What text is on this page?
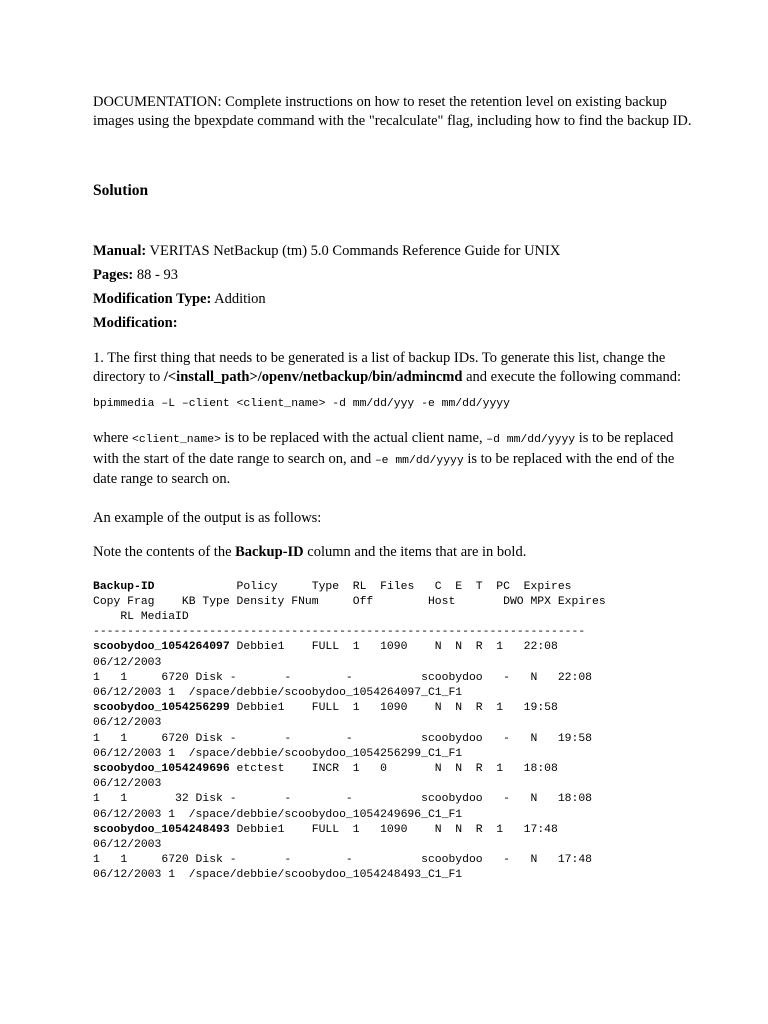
DOCUMENTATION: Complete instructions on how to reset the retention level on existing backup images using the bpexpdate command with the "recalculate" flag, including how to find the backup ID.

Solution

Manual: VERITAS NetBackup (tm) 5.0 Commands Reference Guide for UNIX

Pages: 88 - 93

Modification Type: Addition

Modification:

1. The first thing that needs to be generated is a list of backup IDs. To generate this list, change the directory to /<install_path>/openv/netbackup/bin/admincmd and execute the following command:

bpimmedia –L –client <client_name> -d mm/dd/yyy -e mm/dd/yyyy

where <client_name> is to be replaced with the actual client name, –d mm/dd/yyyy is to be replaced with the start of the date range to search on, and –e mm/dd/yyyy is to be replaced with the end of the date range to search on.

An example of the output is as follows:

Note the contents of the Backup-ID column and the items that are in bold.

Backup-ID            Policy     Type  RL  Files   C  E  T  PC  Expires
Copy Frag    KB Type Density FNum     Off        Host       DWO MPX Expires
RL MediaID
------------------------------------------------------------------------
scoobydoo_1054264097 Debbie1    FULL  1   1090    N  N  R  1   22:08
06/12/2003
1   1     6720 Disk -       -        -          scoobydoo   -   N   22:08
06/12/2003 1  /space/debbie/scoobydoo_1054264097_C1_F1
scoobydoo_1054256299 Debbie1    FULL  1   1090    N  N  R  1   19:58
06/12/2003
1   1     6720 Disk -       -        -          scoobydoo   -   N   19:58
06/12/2003 1  /space/debbie/scoobydoo_1054256299_C1_F1
scoobydoo_1054249696 etctest    INCR  1   0       N  N  R  1   18:08
06/12/2003
1   1       32 Disk -       -        -          scoobydoo   -   N   18:08
06/12/2003 1  /space/debbie/scoobydoo_1054249696_C1_F1
scoobydoo_1054248493 Debbie1    FULL  1   1090    N  N  R  1   17:48
06/12/2003
1   1     6720 Disk -       -        -          scoobydoo   -   N   17:48
06/12/2003 1  /space/debbie/scoobydoo_1054248493_C1_F1
